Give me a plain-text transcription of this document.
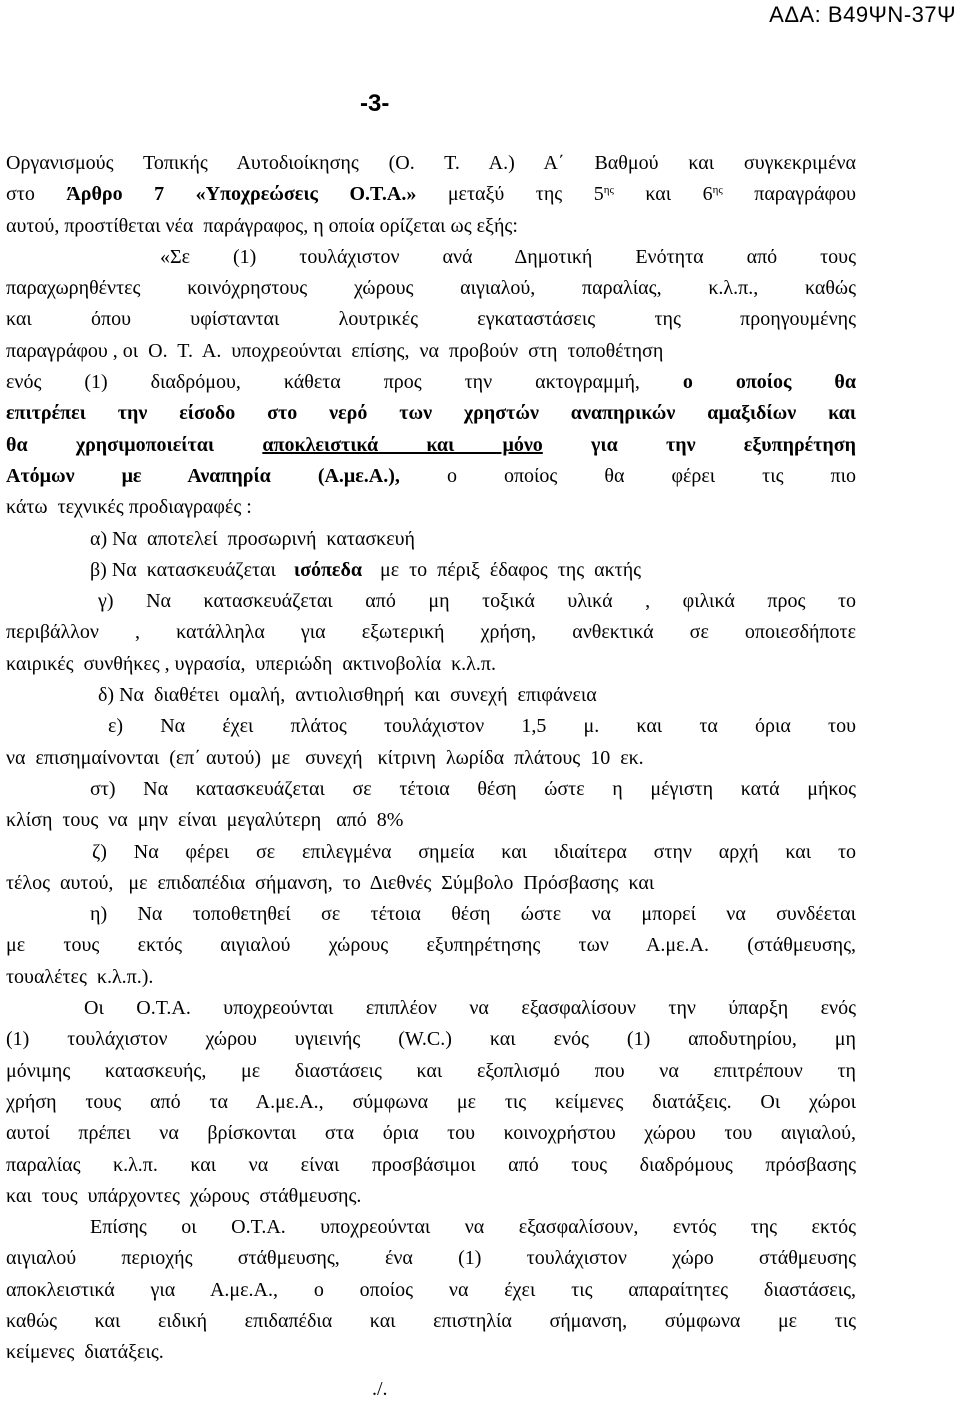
ΑΔΑ: Β49ΨΝ-37Ψ
-3-
Οργανισμούς Τοπικής Αυτοδιοίκησης (Ο. Τ. Α.) Α΄ Βαθμού και συγκεκριμένα
στο Άρθρο 7 «Υποχρεώσεις Ο.Τ.Α.» μεταξύ της $5^{\eta\varsigma}$ και $6^{\eta\varsigma}$ παραγράφου
αυτού, προστίθεται νέα  παράγραφος, η οποία ορίζεται ως εξής:
«Σε (1) τουλάχιστον ανά Δημοτική Ενότητα από τους
παραχωρηθέντες κοινόχρηστους χώρους αιγιαλού, παραλίας, κ.λ.π., καθώς
και όπου υφίστανται λουτρικές εγκαταστάσεις της προηγουμένης
παραγράφου , οι  Ο.  Τ.  Α.  υποχρεούνται  επίσης,  να  προβούν  στη  τοποθέτηση
ενός (1) διαδρόμου, κάθετα προς την ακτογραμμή, ο οποίος θα
επιτρέπει την είσοδο στο νερό των χρηστών αναπηρικών αμαξιδίων και
θα χρησιμοποιείται αποκλειστικά και μόνο για την εξυπηρέτηση
Ατόμων με Αναπηρία (Α.με.Α.), ο οποίος θα φέρει τις πιο
κάτω  τεχνικές προδιαγραφές :
α) Να  αποτελεί  προσωρινή  κατασκευή
β) Να  κατασκευάζεται ισόπεδα με  το  πέριξ  έδαφος  της  ακτής
γ) Να κατασκευάζεται από μη τοξικά υλικά , φιλικά προς το
περιβάλλον , κατάλληλα για εξωτερική χρήση, ανθεκτικά σε οποιεσδήποτε
καιρικές  συνθήκες , υγρασία,  υπεριώδη  ακτινοβολία  κ.λ.π.
δ) Να  διαθέτει  ομαλή,  αντιολισθηρή  και  συνεχή  επιφάνεια
ε) Να έχει πλάτος τουλάχιστον 1,5 μ. και τα όρια του
να  επισημαίνονται  (επ΄ αυτού)  με   συνεχή   κίτρινη  λωρίδα  πλάτους  10  εκ.
στ) Να κατασκευάζεται σε τέτοια θέση ώστε η μέγιστη κατά μήκος
κλίση  τους  να  μην  είναι  μεγαλύτερη   από  8%
ζ) Να φέρει σε επιλεγμένα σημεία και ιδιαίτερα στην αρχή και το
τέλος  αυτού,   με  επιδαπέδια  σήμανση,  το  Διεθνές  Σύμβολο  Πρόσβασης  και
η) Να τοποθετηθεί σε τέτοια θέση ώστε να μπορεί να συνδέεται
με τους εκτός αιγιαλού χώρους εξυπηρέτησης των Α.με.Α. (στάθμευσης,
τουαλέτες  κ.λ.π.).
Οι Ο.Τ.Α. υποχρεούνται επιπλέον να εξασφαλίσουν την ύπαρξη ενός
(1) τουλάχιστον χώρου υγιεινής (W.C.) και ενός (1) αποδυτηρίου, μη
μόνιμης κατασκευής, με διαστάσεις και εξοπλισμό που να επιτρέπουν τη
χρήση τους από τα Α.με.Α., σύμφωνα με τις κείμενες διατάξεις. Οι χώροι
αυτοί πρέπει να βρίσκονται στα όρια του κοινοχρήστου χώρου του αιγιαλού,
παραλίας κ.λ.π. και να είναι προσβάσιμοι από τους διαδρόμους πρόσβασης
και  τους  υπάρχοντες  χώρους  στάθμευσης.
Επίσης οι Ο.Τ.Α. υποχρεούνται να εξασφαλίσουν, εντός της εκτός
αιγιαλού περιοχής στάθμευσης, ένα (1) τουλάχιστον χώρο στάθμευσης
αποκλειστικά για Α.με.Α., ο οποίος να έχει τις απαραίτητες διαστάσεις,
καθώς και ειδική επιδαπέδια και επιστηλία σήμανση, σύμφωνα με τις
κείμενες  διατάξεις.
./.
